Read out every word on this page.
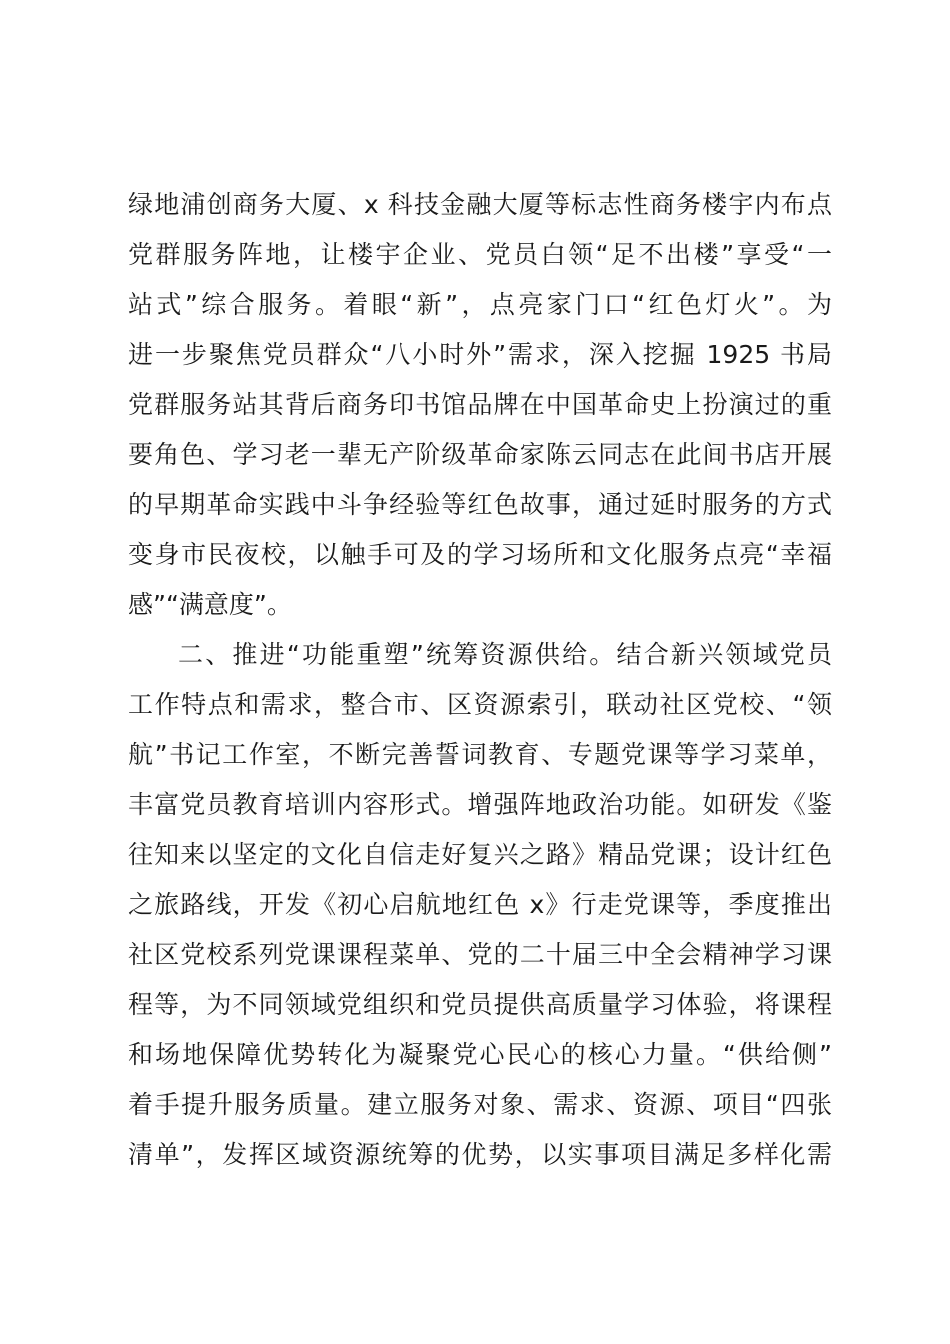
绿地浦创商务大厦、x 科技金融大厦等标志性商务楼宇内布点
党群服务阵地，让楼宇企业、党员白领“足不出楼”享受“一
站式”综合服务。着眼“新”，点亮家门口“红色灯火”。为
进一步聚焦党员群众“八小时外”需求，深入挖掘 1925 书局
党群服务站其背后商务印书馆品牌在中国革命史上扮演过的重
要角色、学习老一辈无产阶级革命家陈云同志在此间书店开展
的早期革命实践中斗争经验等红色故事，通过延时服务的方式
变身市民夜校，以触手可及的学习场所和文化服务点亮“幸福
感”“满意度”。
二、推进“功能重塑”统筹资源供给。结合新兴领域党员
工作特点和需求，整合市、区资源索引，联动社区党校、“领
航”书记工作室，不断完善誓词教育、专题党课等学习菜单，
丰富党员教育培训内容形式。增强阵地政治功能。如研发《鉴
往知来以坚定的文化自信走好复兴之路》精品党课；设计红色
之旅路线，开发《初心启航地红色 x》行走党课等，季度推出
社区党校系列党课课程菜单、党的二十届三中全会精神学习课
程等，为不同领域党组织和党员提供高质量学习体验，将课程
和场地保障优势转化为凝聚党心民心的核心力量。“供给侧”
着手提升服务质量。建立服务对象、需求、资源、项目“四张
清单”，发挥区域资源统筹的优势，以实事项目满足多样化需
